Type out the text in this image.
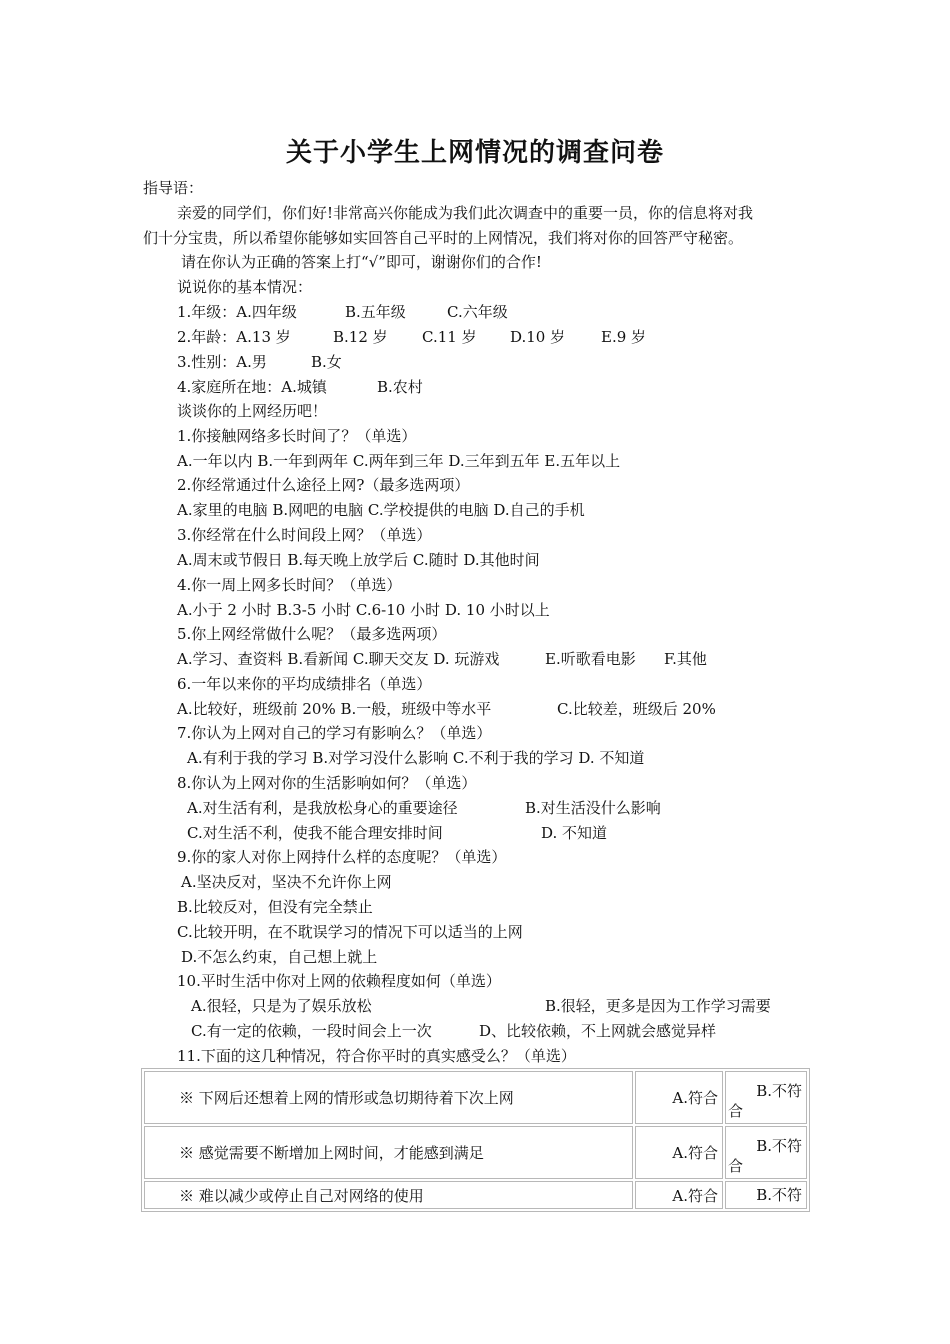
关于小学生上网情况的调查问卷
指导语：
亲爱的同学们，你们好!非常高兴你能成为我们此次调查中的重要一员，你的信息将对我
们十分宝贵，所以希望你能够如实回答自己平时的上网情况，我们将对你的回答严守秘密。
请在你认为正确的答案上打“√”即可，谢谢你们的合作!
说说你的基本情况：
1.年级：A.四年级	B.五年级	C.六年级
2.年龄：A.13 岁	B.12 岁 C.11 岁 D.10 岁 E.9 岁
3.性别：A.男	B.女
4.家庭所在地：A.城镇	B.农村
谈谈你的上网经历吧！
1.你接触网络多长时间了？（单选）
A.一年以内 B.一年到两年 C.两年到三年 D.三年到五年 E.五年以上
2.你经常通过什么途径上网?（最多选两项）
A.家里的电脑 B.网吧的电脑 C.学校提供的电脑 D.自己的手机
3.你经常在什么时间段上网？（单选）
A.周末或节假日 B.每天晚上放学后 C.随时 D.其他时间
4.你一周上网多长时间？（单选）
A.小于 2 小时 B.3-5 小时 C.6-10 小时 D. 10 小时以上
5.你上网经常做什么呢？（最多选两项）
A.学习、查资料 B.看新闻 C.聊天交友 D. 玩游戏	E.听歌看电影 F.其他
6.一年以来你的平均成绩排名（单选）
A.比较好，班级前 20% B.一般，班级中等水平	C.比较差，班级后 20%
7.你认为上网对自己的学习有影响么？（单选）
A.有利于我的学习 B.对学习没什么影响 C.不利于我的学习 D. 不知道
8.你认为上网对你的生活影响如何？（单选）
A.对生活有利，是我放松身心的重要途径	B.对生活没什么影响
C.对生活不利，使我不能合理安排时间	D. 不知道
9.你的家人对你上网持什么样的态度呢？（单选）
A.坚决反对，坚决不允许你上网
B.比较反对，但没有完全禁止
C.比较开明，在不耽误学习的情况下可以适当的上网
D.不怎么约束，自己想上就上
10.平时生活中你对上网的依赖程度如何（单选）
A.很轻，只是为了娱乐放松	B.很轻，更多是因为工作学习需要
C.有一定的依赖，一段时间会上一次	D、比较依赖，不上网就会感觉异样
11.下面的这几种情况，符合你平时的真实感受么？（单选）
※ 下网后还想着上网的情形或急切期待着下次上网	A.符合	B.不符
合

※ 感觉需要不断增加上网时间，才能感到满足	A.符合	B.不符
合

※ 难以减少或停止自己对网络的使用	A.符合	B.不符
